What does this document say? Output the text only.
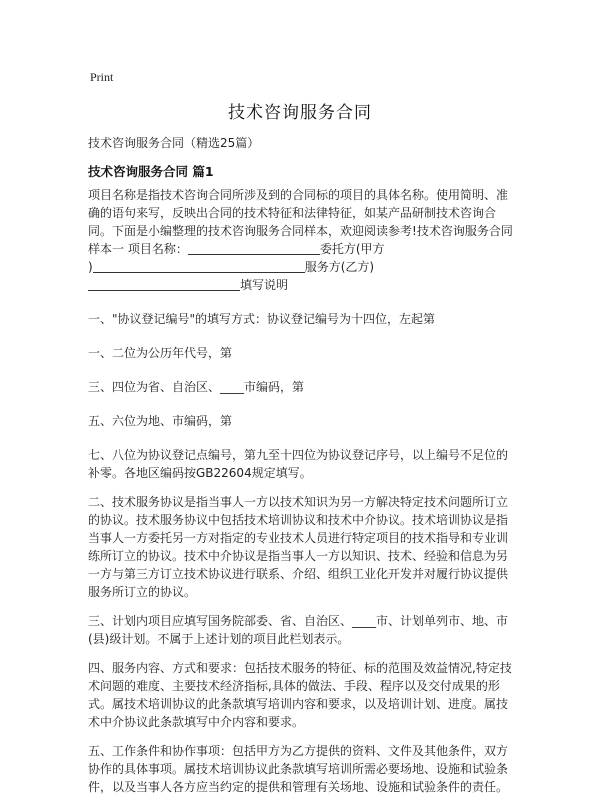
Print
技术咨询服务合同
技术咨询服务合同（精选25篇）
技术咨询服务合同 篇1

项目名称是指技术咨询合同所涉及到的合同标的项目的具体名称。使用简明、准确的语句来写，反映出合同的技术特征和法律特征，如某产品研制技术咨询合同。下面是小编整理的技术咨询服务合同样本，欢迎阅读参考!技术咨询服务合同样本一 项目名称：	委托方(甲方
)	服务方(乙方)填写说明

一、"协议登记编号"的填写方式：协议登记编号为十四位，左起第

一、二位为公历年代号，第

三、四位为省、自治区、____市编码，第

五、六位为地、市编码，第

七、八位为协议登记点编号，第九至十四位为协议登记序号，以上编号不足位的补零。各地区编码按GB22604规定填写。

二、技术服务协议是指当事人一方以技术知识为另一方解决特定技术问题所订立的协议。技术服务协议中包括技术培训协议和技术中介协议。技术培训协议是指当事人一方委托另一方对指定的专业技术人员进行特定项目的技术指导和专业训练所订立的协议。技术中介协议是指当事人一方以知识、技术、经验和信息为另一方与第三方订立技术协议进行联系、介绍、组织工业化开发并对履行协议提供服务所订立的协议。

三、计划内项目应填写国务院部委、省、自治区、____市、计划单列市、地、市(县)级计划。不属于上述计划的项目此栏划表示。

四、服务内容、方式和要求：包括技术服务的特征、标的范围及效益情况,特定技术问题的难度、主要技术经济指标,具体的做法、手段、程序以及交付成果的形式。属技术培训协议的此条款填写培训内容和要求，以及培训计划、进度。属技术中介协议此条款填写中介内容和要求。

五、工作条件和协作事项：包括甲方为乙方提供的资料、文件及其他条件，双方协作的具体事项。属技术培训协议此条款填写培训所需必要场地、设施和试验条件，以及当事人各方应当约定的提供和管理有关场地、设施和试验条件的责任。
